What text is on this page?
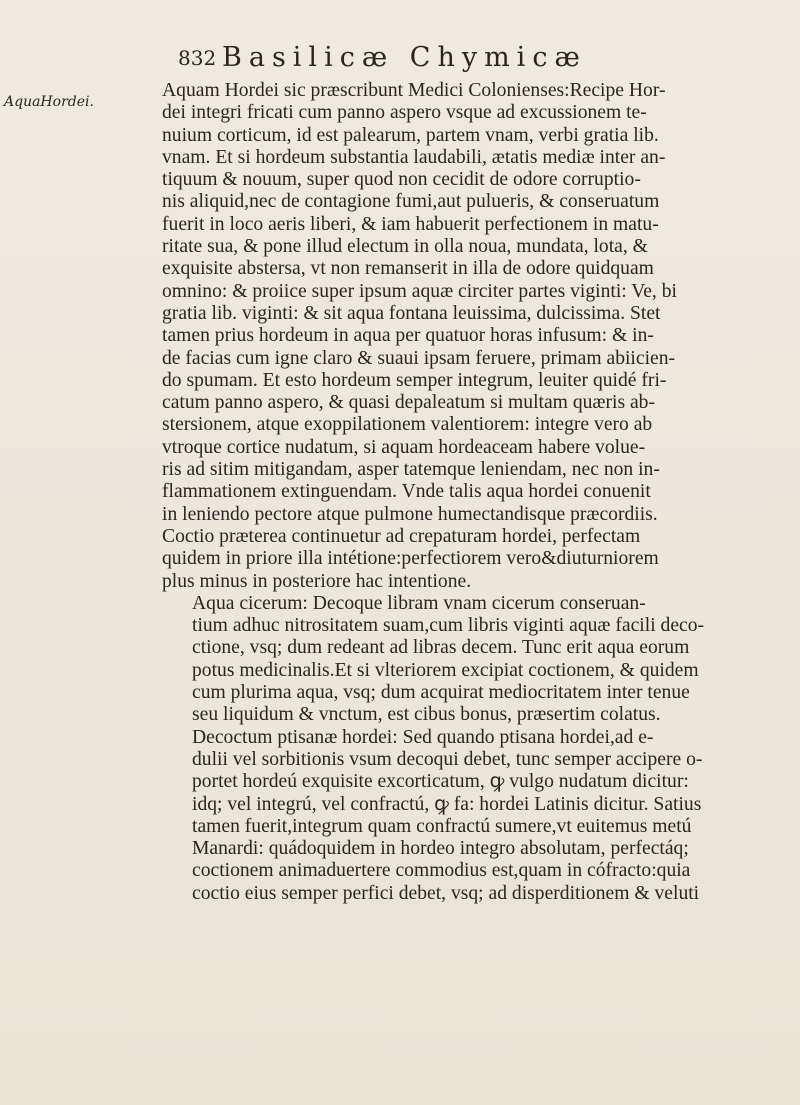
832 Basilicæ Chymicæ
AquaHordei.

Aquam Hordei sic præscribunt Medici Colonienses:Recipe Hor-
dei integri fricati cum panno aspero vsque ad excussionem te-
nuium corticum, id est palearum, partem vnam, verbi gratia lib.
vnam. Et si hordeum substantia laudabili, ætatis mediæ inter an-
tiquum & nouum, super quod non cecidit de odore corruptio-
nis aliquid,nec de contagione fumi,aut pulueris, & conseruatum
fuerit in loco aeris liberi, & iam habuerit perfectionem in matu-
ritate sua, & pone illud electum in olla noua, mundata, lota, &
exquisite abstersa, vt non remanserit in illa de odore quidquam
omnino: & proiice super ipsum aquæ circiter partes viginti: Ve, bi
gratia lib. viginti: & sit aqua fontana leuissima, dulcissima. Stet
tamen prius hordeum in aqua per quatuor horas infusum: & in-
de facias cum igne claro & suaui ipsam feruere, primam abiicien-
do spumam. Et esto hordeum semper integrum, leuiter quidé fri-
catum panno aspero, & quasi depaleatum si multam quæris ab-
stersionem, atque exoppilationem valentiorem: integre vero ab
vtroque cortice nudatum, si aquam hordeaceam habere volue-
ris ad sitim mitigandam, asper tatemque leniendam, nec non in-
flammationem extinguendam. Vnde talis aqua hordei conuenit
in leniendo pectore atque pulmone humectandisque præcordiis.
Coctio præterea continuetur ad crepaturam hordei, perfectam
quidem in priore illa intétione:perfectiorem vero&diuturniorem
plus minus in posteriore hac intentione.

Aqua cicerum: Decoque libram vnam cicerum conseruan-
tium adhuc nitrositatem suam,cum libris viginti aquæ facili deco-
ctione, vsq; dum redeant ad libras decem. Tunc erit aqua eorum
potus medicinalis.Et si vlteriorem excipiat coctionem, & quidem
cum plurima aqua, vsq; dum acquirat mediocritatem inter tenue
seu liquidum & vnctum, est cibus bonus, præsertim colatus.

Decoctum ptisanæ hordei: Sed quando ptisana hordei,ad e-
dulii vel sorbitionis vsum decoqui debet, tunc semper accipere o-
portet hordeú exquisite excorticatum, ꝙ vulgo nudatum dicitur:
idq; vel integrú, vel confractú, ꝙ fa: hordei Latinis dicitur. Satius
tamen fuerit,integrum quam confractú sumere,vt euitemus metú
Manardi: quádoquidem in hordeo integro absolutam, perfectáq;
coctionem animaduertere commodius est,quam in cófracto:quia
coctio eius semper perfici debet, vsq; ad disperditionem & veluti
